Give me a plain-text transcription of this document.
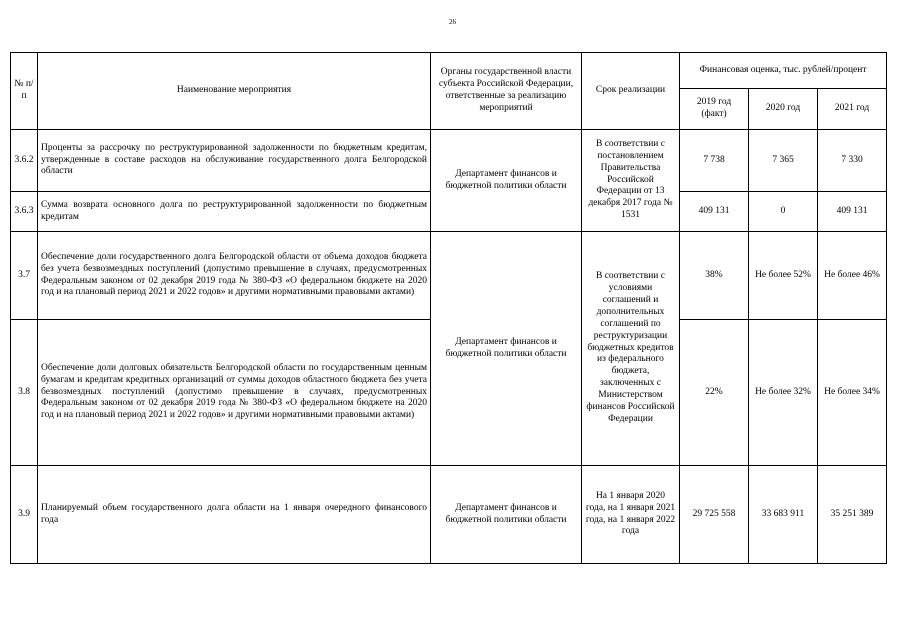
26
№ п/п	Наименование мероприятия	Органы государственной власти субъекта Российской Федерации, ответственные за реализацию мероприятий	Срок реализации	Финансовая оценка, тыс. рублей/процент		
				2019 год (факт)	2020 год	2021 год
3.6.2	Проценты за рассрочку по реструктурированной задолженности по бюджетным кредитам, утвержденные в составе расходов на обслуживание государственного долга Белгородской области	Департамент финансов и бюджетной политики области	В соответствии с постановлением Правительства Российской Федерации от 13 декабря 2017 года № 1531	7 738	7 365	7 330
3.6.3	Сумма возврата основного долга по реструктурированной задолженности по бюджетным кредитам			409 131	0	409 131
3.7	Обеспечение доли государственного долга Белгородской области от объема доходов бюджета без учета безвозмездных поступлений (допустимо превышение в случаях, предусмотренных Федеральным законом от 02 декабря 2019 года № 380-ФЗ «О федеральном бюджете на 2020 год и на плановый период 2021 и 2022 годов» и другими нормативными правовыми актами)	Департамент финансов и бюджетной политики области	В соответствии с условиями соглашений и дополнительных соглашений по реструктуризации бюджетных кредитов из федерального бюджета, заключенных с Министерством финансов Российской Федерации	38%	Не более 52%	Не более 46%
3.8	Обеспечение доли долговых обязательств Белгородской области по государственным ценным бумагам и кредитам кредитных организаций от суммы доходов областного бюджета без учета безвозмездных поступлений (допустимо превышение в случаях, предусмотренных Федеральным законом от 02 декабря 2019 года № 380-ФЗ «О федеральном бюджете на 2020 год и на плановый период 2021 и 2022 годов» и другими нормативными правовыми актами)			22%	Не более 32%	Не более 34%
3.9	Планируемый объем государственного долга области на 1 января очередного финансового года	Департамент финансов и бюджетной политики области	На 1 января 2020 года, на 1 января 2021 года, на 1 января 2022 года	29 725 558	33 683 911	35 251 389
